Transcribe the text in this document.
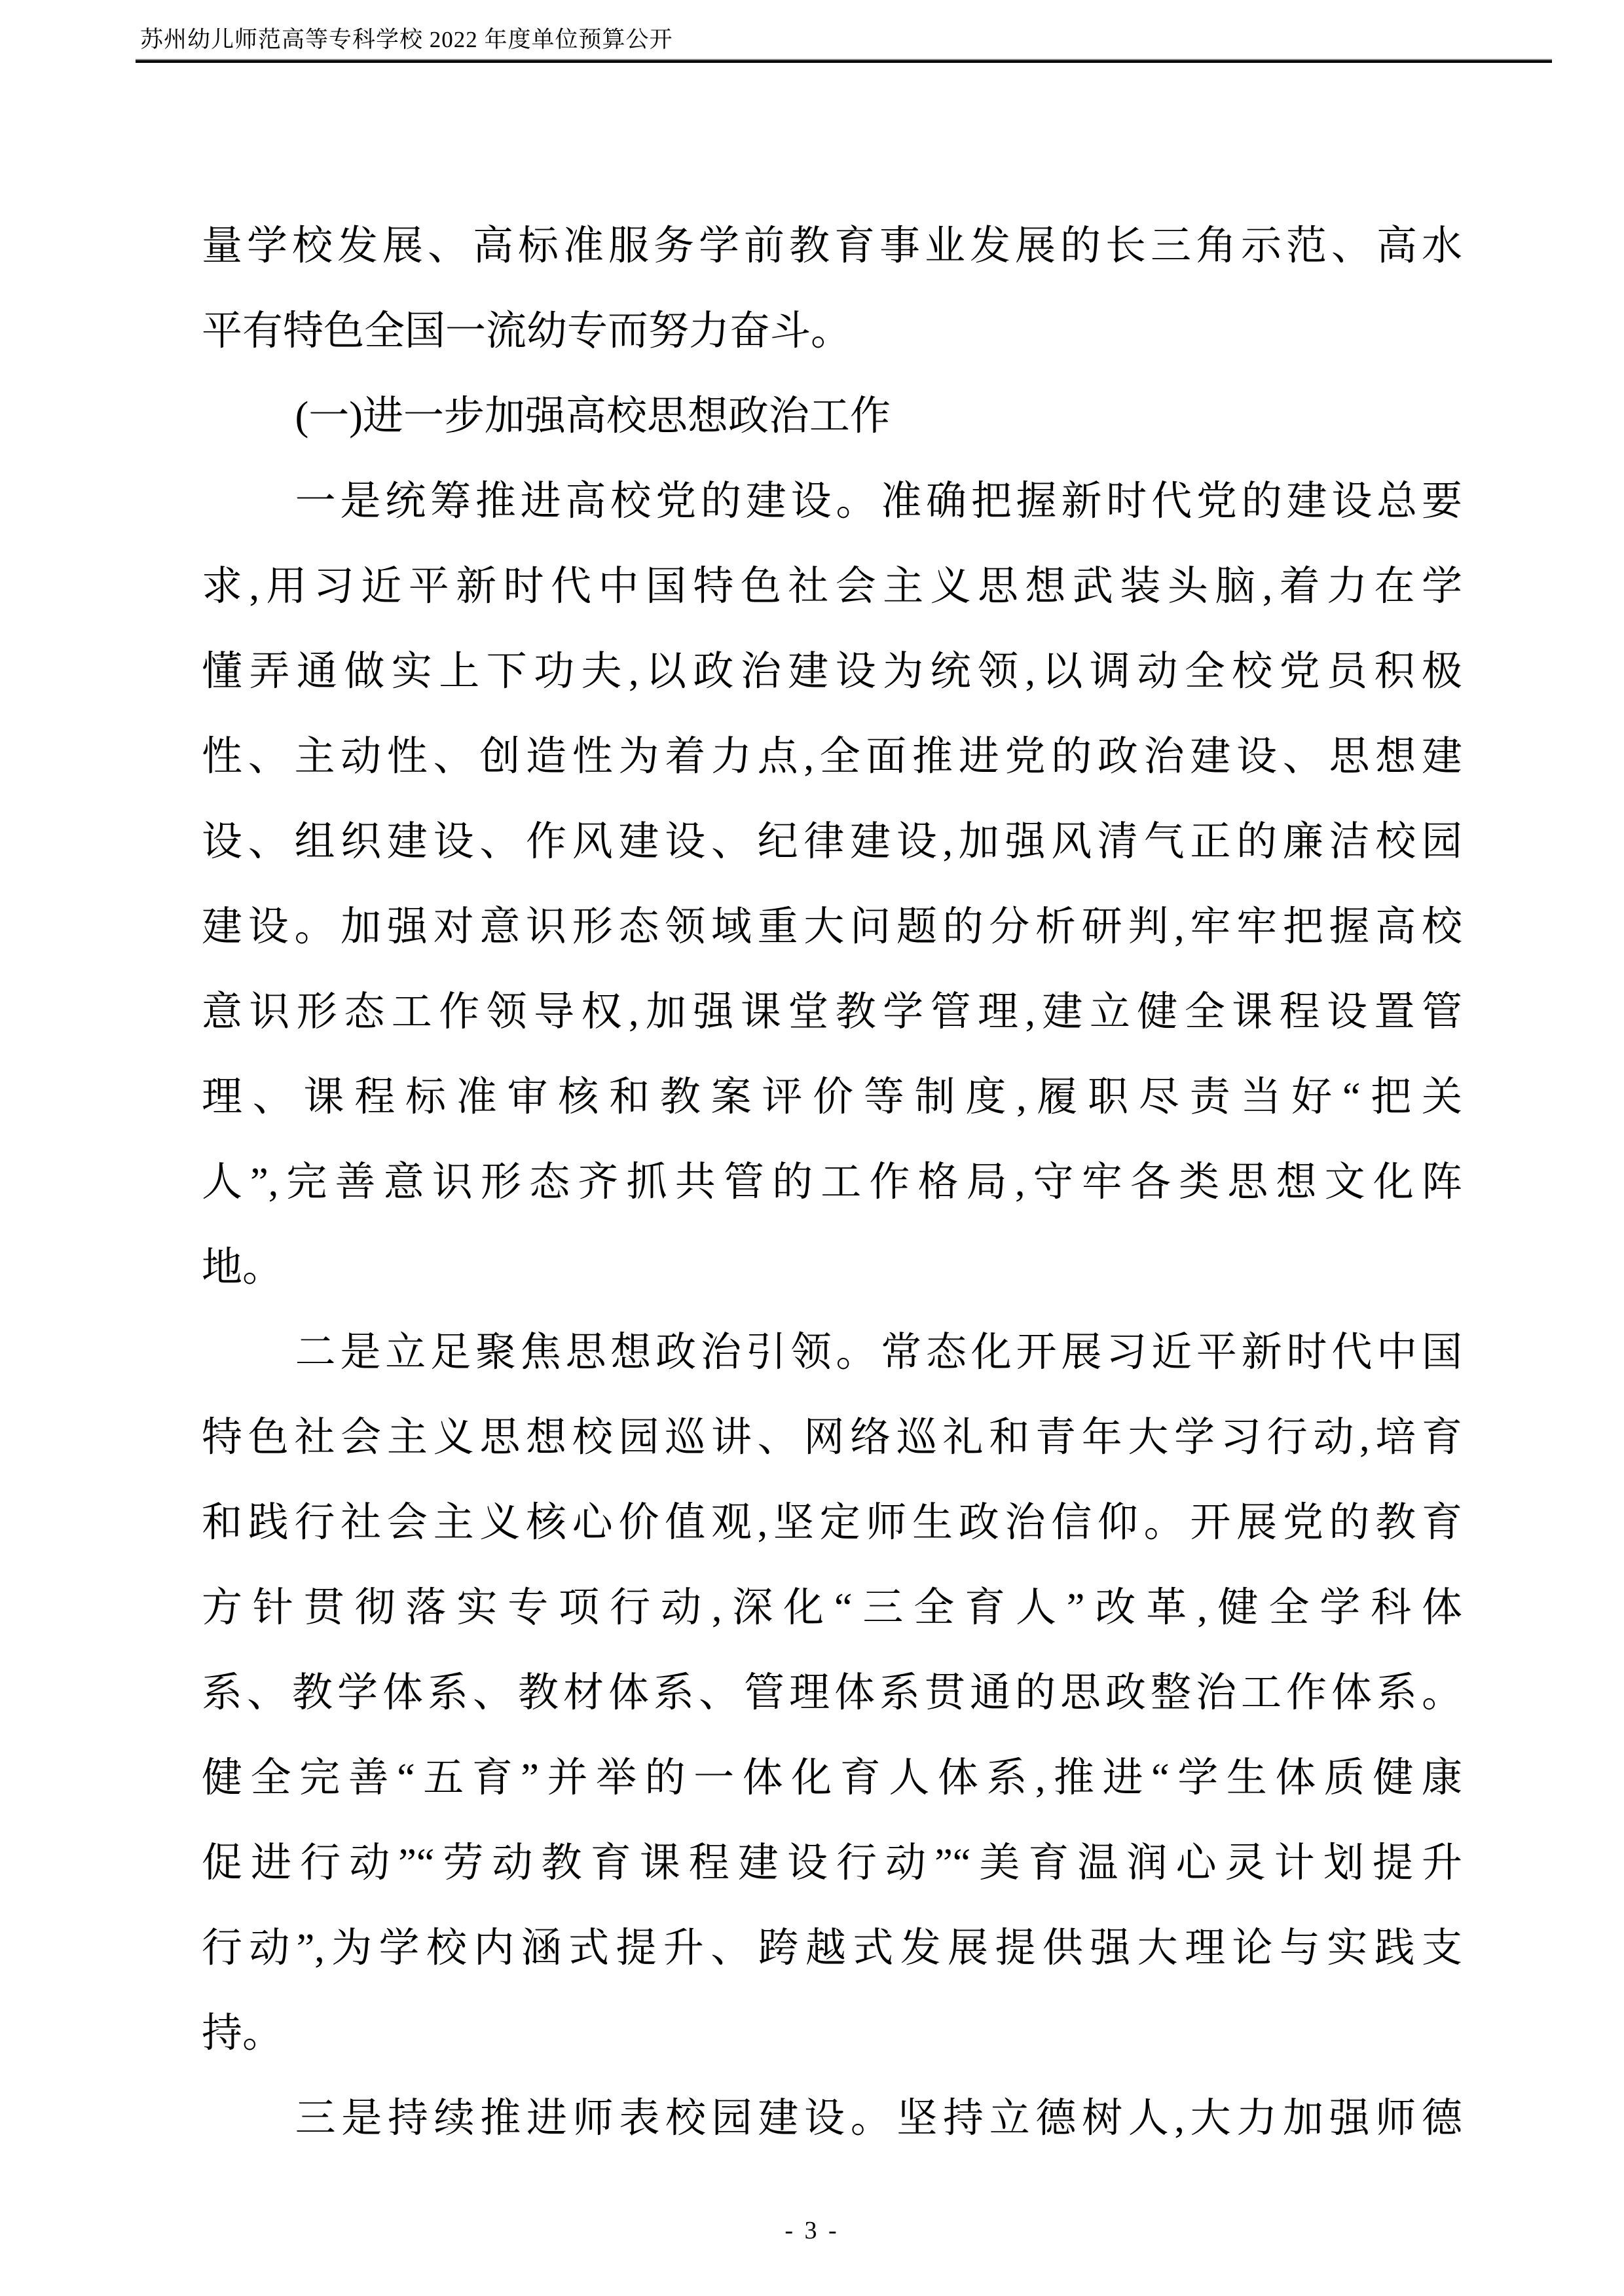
苏州幼儿师范高等专科学校 2022 年度单位预算公开
量学校发展、高标准服务学前教育事业发展的长三角示范、高水
平有特色全国一流幼专而努力奋斗。
(一)进一步加强高校思想政治工作
一是统筹推进高校党的建设。准确把握新时代党的建设总要
求,用习近平新时代中国特色社会主义思想武装头脑,着力在学
懂弄通做实上下功夫,以政治建设为统领,以调动全校党员积极
性、主动性、创造性为着力点,全面推进党的政治建设、思想建
设、组织建设、作风建设、纪律建设,加强风清气正的廉洁校园
建设。加强对意识形态领域重大问题的分析研判,牢牢把握高校
意识形态工作领导权,加强课堂教学管理,建立健全课程设置管
理、课程标准审核和教案评价等制度,履职尽责当好“把关
人”,完善意识形态齐抓共管的工作格局,守牢各类思想文化阵
地。
二是立足聚焦思想政治引领。常态化开展习近平新时代中国
特色社会主义思想校园巡讲、网络巡礼和青年大学习行动,培育
和践行社会主义核心价值观,坚定师生政治信仰。开展党的教育
方针贯彻落实专项行动,深化“三全育人”改革,健全学科体
系、教学体系、教材体系、管理体系贯通的思政整治工作体系。
健全完善“五育”并举的一体化育人体系,推进“学生体质健康
促进行动”“劳动教育课程建设行动”“美育温润心灵计划提升
行动”,为学校内涵式提升、跨越式发展提供强大理论与实践支
持。
三是持续推进师表校园建设。坚持立德树人,大力加强师德
- 3 -
